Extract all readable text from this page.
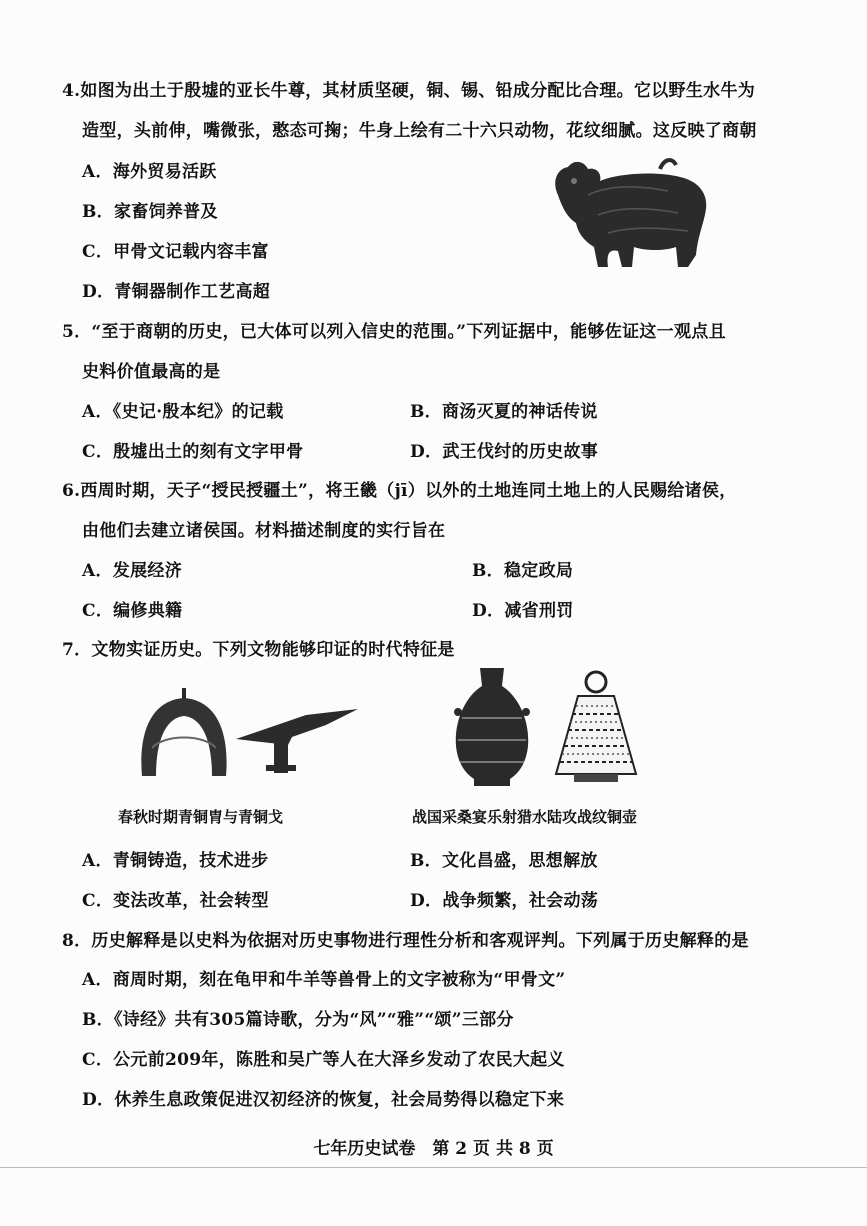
4.如图为出土于殷墟的亚长牛尊，其材质坚硬，铜、锡、铅成分配比合理。它以野生水牛为
造型，头前伸，嘴微张，憨态可掬；牛身上绘有二十六只动物，花纹细腻。这反映了商朝
A．海外贸易活跃
B．家畜饲养普及
C．甲骨文记载内容丰富
D．青铜器制作工艺高超
5．“至于商朝的历史，已大体可以列入信史的范围。”下列证据中，能够佐证这一观点且
史料价值最高的是
A．《史记·殷本纪》的记载	B．商汤灭夏的神话传说
C．殷墟出土的刻有文字甲骨	D．武王伐纣的历史故事
6.西周时期，天子“授民授疆土”，将王畿（jī）以外的土地连同土地上的人民赐给诸侯，
由他们去建立诸侯国。材料描述制度的实行旨在
A．发展经济	B．稳定政局
C．编修典籍	D．减省刑罚
7．文物实证历史。下列文物能够印证的时代特征是
春秋时期青铜胄与青铜戈	战国采桑宴乐射猎水陆攻战纹铜壶
A．青铜铸造，技术进步	B．文化昌盛，思想解放
C．变法改革，社会转型	D．战争频繁，社会动荡
8．历史解释是以史料为依据对历史事物进行理性分析和客观评判。下列属于历史解释的是
A．商周时期，刻在龟甲和牛羊等兽骨上的文字被称为“甲骨文”
B．《诗经》共有305篇诗歌，分为“风”“雅”“颂”三部分
C．公元前209年，陈胜和吴广等人在大泽乡发动了农民大起义
D．休养生息政策促进汉初经济的恢复，社会局势得以稳定下来
七年历史试卷　第 2 页 共 8 页
